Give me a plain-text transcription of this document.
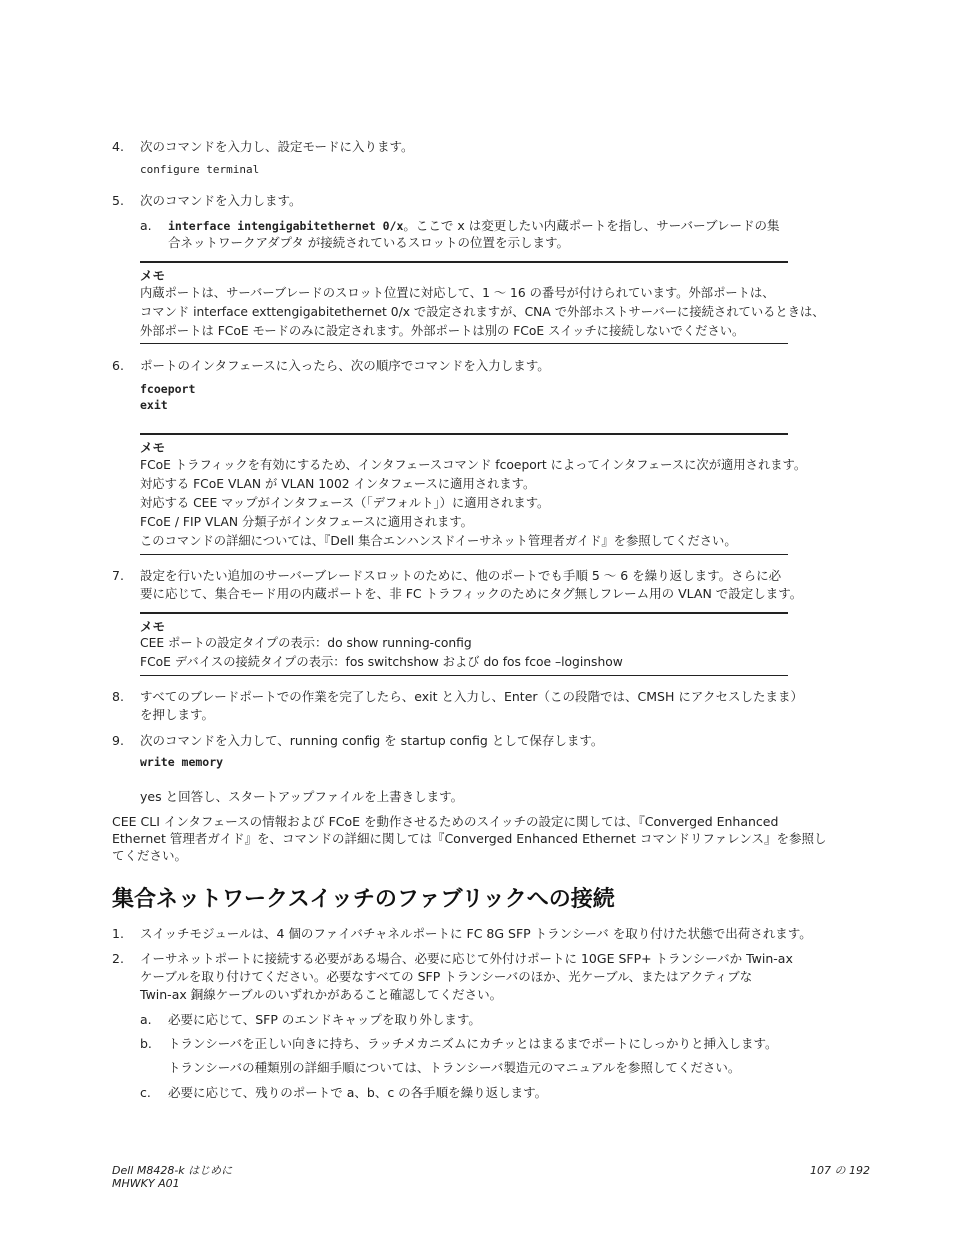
4. 次のコマンドを入力し、設定モードに入ります。
configure terminal
5. 次のコマンドを入力します。
a. interface intengigabitethernet 0/x。ここで x は変更したい内蔵ポートを指し、サーバーブレードの集
合ネットワークアダプタ が接続されているスロットの位置を示します。
メモ
内蔵ポートは、サーバーブレードのスロット位置に対応して、1 〜 16 の番号が付けられています。外部ポートは、
コマンド interface exttengigabitethernet 0/x で設定されますが、CNA で外部ホストサーバーに接続されているときは、
外部ポートは FCoE モードのみに設定されます。外部ポートは別の FCoE スイッチに接続しないでください。
6. ポートのインタフェースに入ったら、次の順序でコマンドを入力します。
fcoeport
exit
メモ
FCoE トラフィックを有効にするため、インタフェースコマンド fcoeport によってインタフェースに次が適用されます。
対応する FCoE VLAN が VLAN 1002 インタフェースに適用されます。
対応する CEE マップがインタフェース（「デフォルト」）に適用されます。
FCoE / FIP VLAN 分類子がインタフェースに適用されます。
このコマンドの詳細については、『Dell 集合エンハンスドイーサネット管理者ガイド』を参照してください。
7. 設定を行いたい追加のサーバーブレードスロットのために、他のポートでも手順 5 〜 6 を繰り返します。さらに必
要に応じて、集合モード用の内蔵ポートを、非 FC トラフィックのためにタグ無しフレーム用の VLAN で設定します。
メモ
CEE ポートの設定タイプの表示：do show running-config
FCoE デバイスの接続タイプの表示：fos switchshow および do fos fcoe –loginshow
8. すべてのブレードポートでの作業を完了したら、exit と入力し、Enter（この段階では、CMSH にアクセスしたまま）
を押します。
9. 次のコマンドを入力して、running config を startup config として保存します。
write memory
yes と回答し、スタートアップファイルを上書きします。
CEE CLI インタフェースの情報および FCoE を動作させるためのスイッチの設定に関しては、『Converged Enhanced
Ethernet 管理者ガイド』を、コマンドの詳細に関しては『Converged Enhanced Ethernet コマンドリファレンス』を参照し
てください。
集合ネットワークスイッチのファブリックへの接続
1. スイッチモジュールは、4 個のファイバチャネルポートに FC 8G SFP トランシーバ を取り付けた状態で出荷されます。
2. イーサネットポートに接続する必要がある場合、必要に応じて外付けポートに 10GE SFP+ トランシーバか Twin-ax
ケーブルを取り付けてください。必要なすべての SFP トランシーバのほか、光ケーブル、またはアクティブな
Twin-ax 銅線ケーブルのいずれかがあること確認してください。
a. 必要に応じて、SFP のエンドキャップを取り外します。
b. トランシーバを正しい向きに持ち、ラッチメカニズムにカチッとはまるまでポートにしっかりと挿入します。
トランシーバの種類別の詳細手順については、トランシーバ製造元のマニュアルを参照してください。
c. 必要に応じて、残りのポートで a、b、c の各手順を繰り返します。
Dell M8428-k はじめに
MHWKY A01
107 の 192
